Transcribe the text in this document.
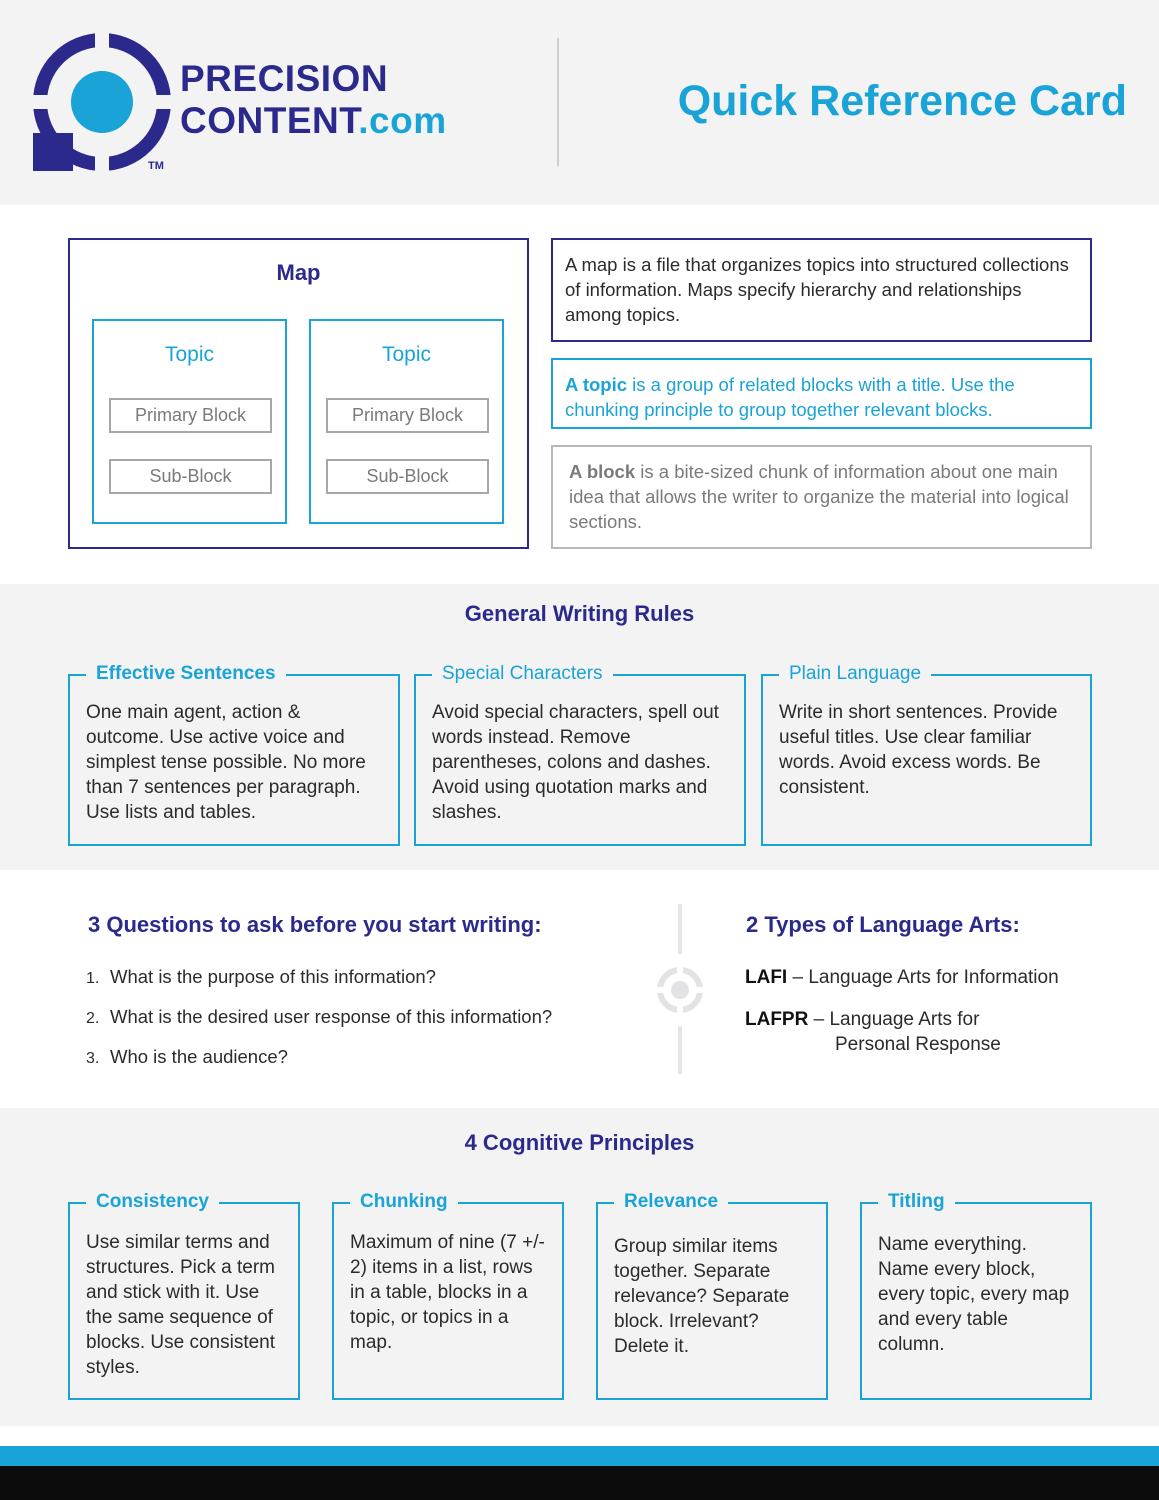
PRECISION
CONTENT.com
TM
Quick Reference Card
Map
Topic
Primary Block
Sub-Block
Topic
Primary Block
Sub-Block
A map is a file that organizes topics into structured collections of information. Maps specify hierarchy and relationships among topics.
A topic is a group of related blocks with a title. Use the chunking principle to group together relevant blocks.
A block is a bite-sized chunk of information about one main idea that allows the writer to organize the material into logical sections.
General Writing Rules
Effective Sentences
One main agent, action & outcome. Use active voice and simplest tense possible. No more than 7 sentences per paragraph. Use lists and tables.
Special Characters
Avoid special characters, spell out words instead. Remove parentheses, colons and dashes. Avoid using quotation marks and slashes.
Plain Language
Write in short sentences. Provide useful titles. Use clear familiar words. Avoid excess words. Be consistent.
3 Questions to ask before you start writing:
1. What is the purpose of this information?
2. What is the desired user response of this information?
3. Who is the audience?
2 Types of Language Arts:
LAFI – Language Arts for Information
LAFPR – Language Arts for
Personal Response
4 Cognitive Principles
Consistency
Use similar terms and structures. Pick a term and stick with it. Use the same sequence of blocks. Use consistent styles.
Chunking
Maximum of nine (7 +/- 2) items in a list, rows in a table, blocks in a topic, or topics in a map.
Relevance
Group similar items together. Separate relevance? Separate block. Irrelevant? Delete it.
Titling
Name everything. Name every block, every topic, every map and every table column.
